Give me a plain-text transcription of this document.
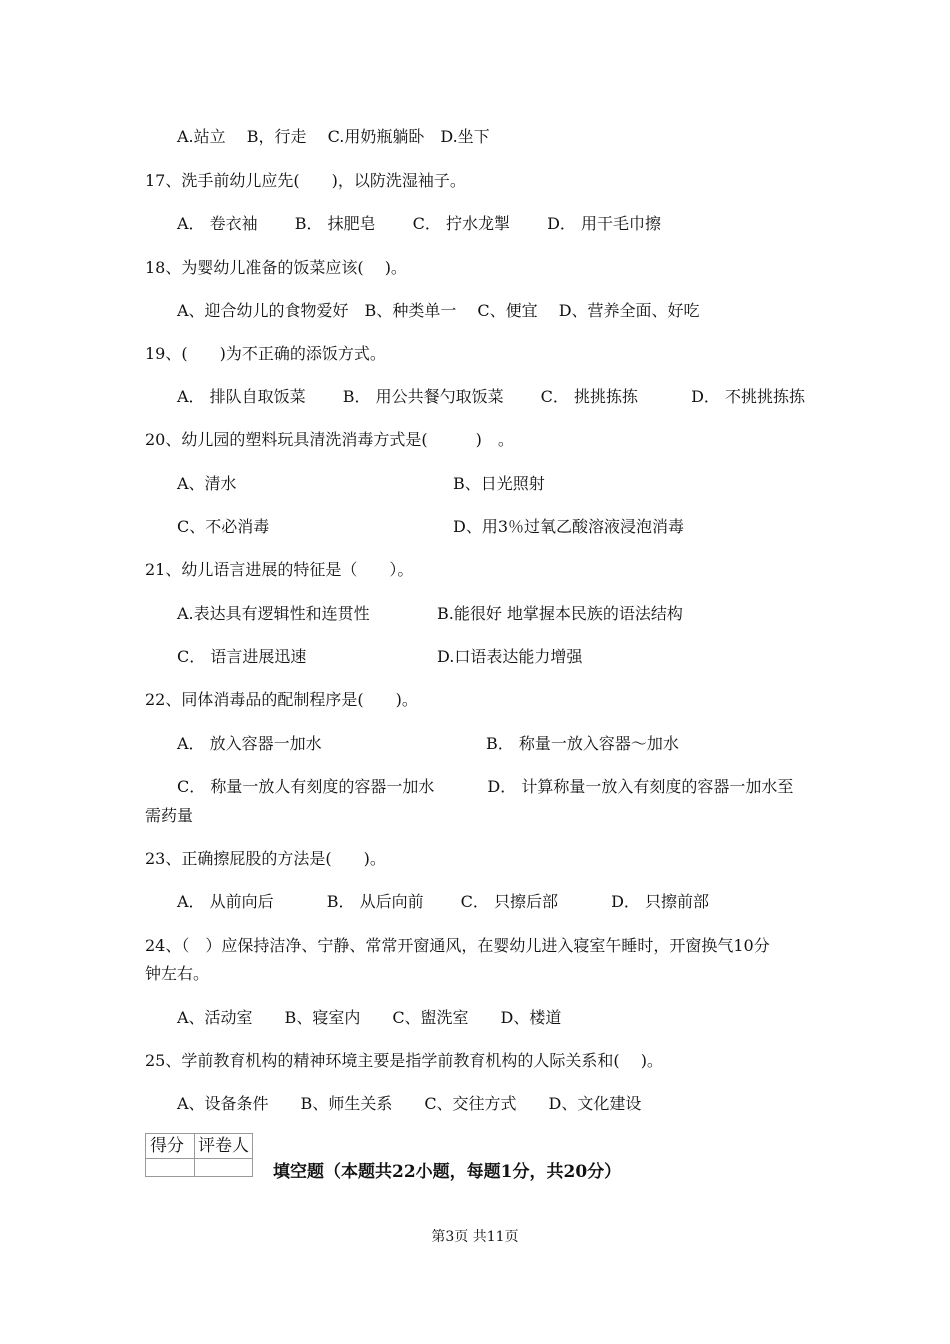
A.站立　 B，行走　 C.用奶瓶躺卧　D.坐下
17、洗手前幼儿应先(　　)，以防洗湿袖子。
A． 卷衣袖　　 B． 抹肥皂　　 C． 拧水龙掣　　 D． 用干毛巾擦
18、为婴幼儿准备的饭菜应该(　 )。
A、迎合幼儿的食物爱好　B、种类单一　 C、便宜　 D、营养全面、好吃
19、(　　)为不正确的添饭方式。
A． 排队自取饭菜　　 B． 用公共餐勺取饭菜　　 C． 挑挑拣拣　　　 D． 不挑挑拣拣
20、幼儿园的塑料玩具清洗消毒方式是(　　　)　。
A、清水	B、日光照射
C、不必消毒	D、用3％过氧乙酸溶液浸泡消毒
21、幼儿语言进展的特征是（　　）。
A.表达具有逻辑性和连贯性	B.能很好 地掌握本民族的语法结构
C． 语言进展迅速	D.口语表达能力增强
22、同体消毒品的配制程序是(　　)。
A． 放入容器一加水	B． 称量一放入容器～加水
C． 称量一放人有刻度的容器一加水　　　 D． 计算称量一放入有刻度的容器一加水至
需药量
23、正确擦屁股的方法是(　　)。
A． 从前向后　　　 B． 从后向前　　 C． 只擦后部　　　 D． 只擦前部
24、（　）应保持洁净、宁静、常常开窗通风，在婴幼儿进入寝室午睡时，开窗换气10分
钟左右。
A、活动室　　B、寝室内　　C、盥洗室　　D、楼道
25、学前教育机构的精神环境主要是指学前教育机构的人际关系和(　 )。
A、设备条件　　B、师生关系　　C、交往方式　　D、文化建设
得分 评卷人
填空题（本题共22小题，每题1分，共20分）
第3页 共11页
